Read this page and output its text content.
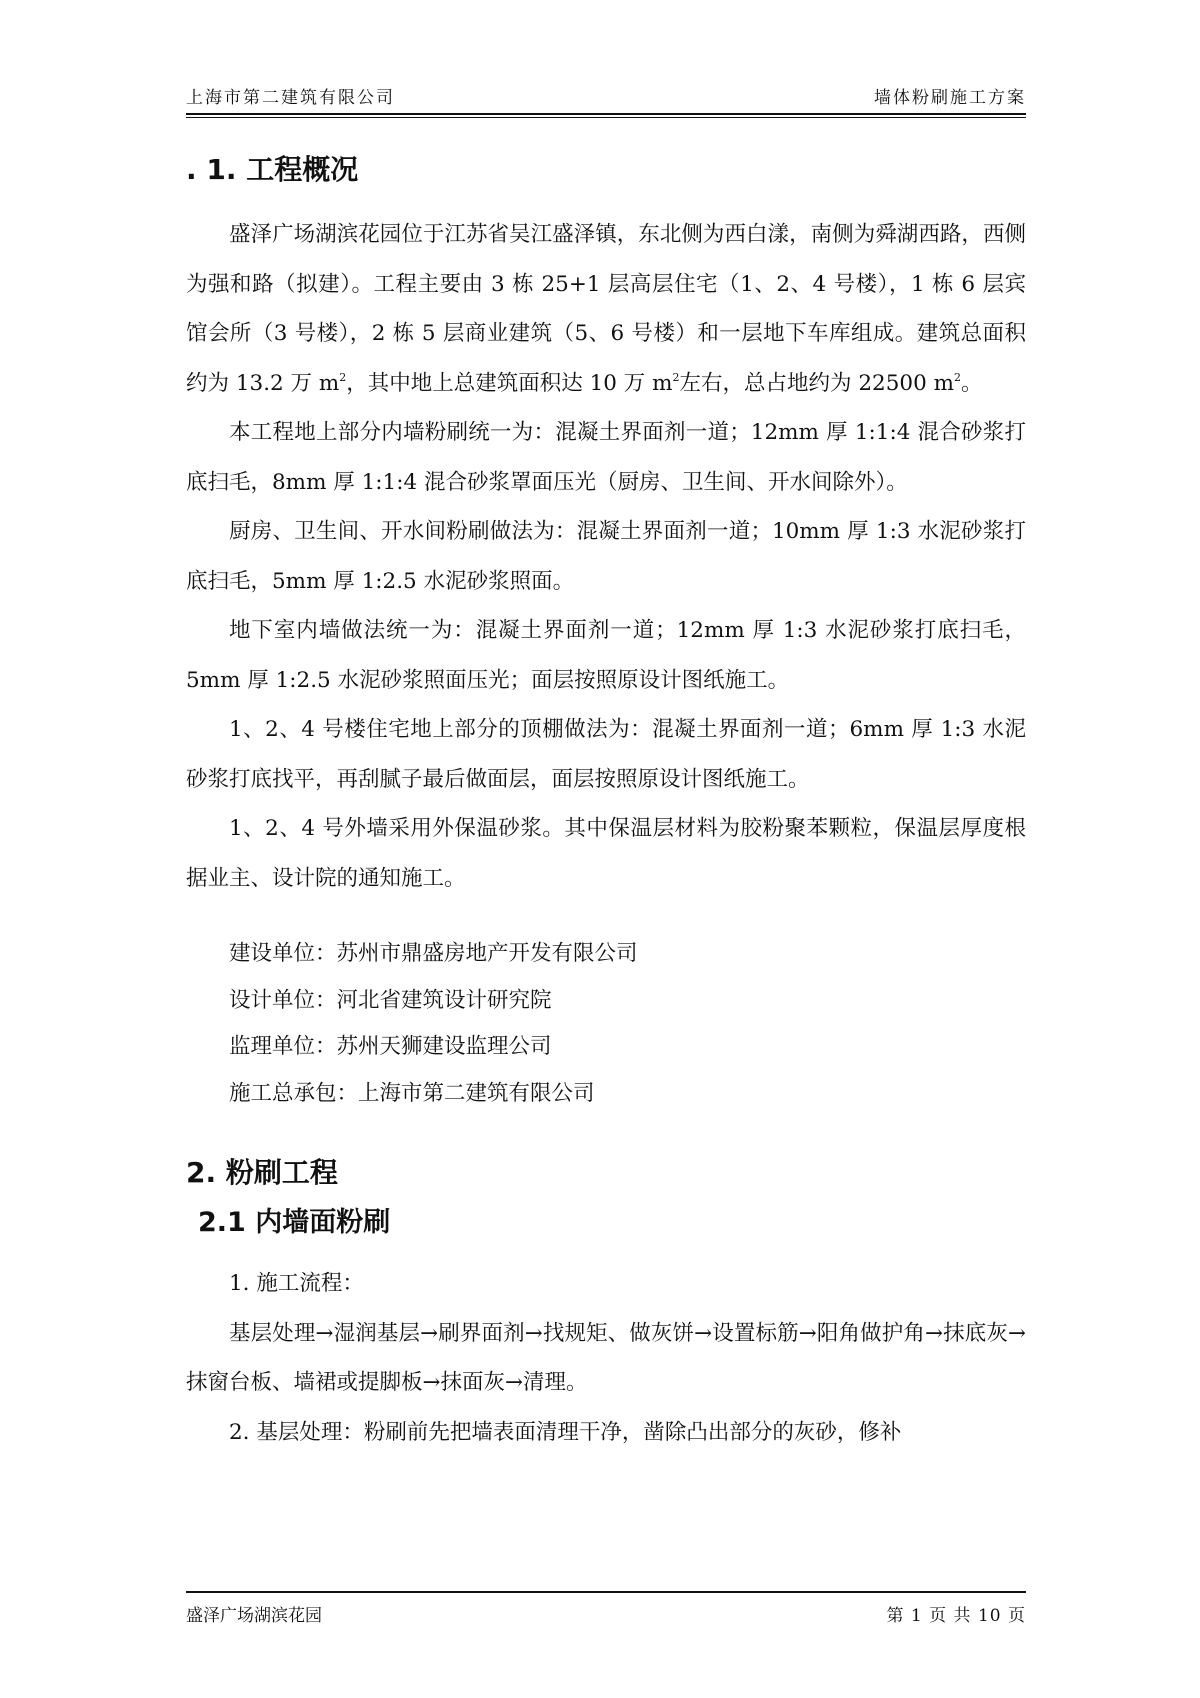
上海市第二建筑有限公司	墙体粉刷施工方案
. 1. 工程概况

盛泽广场湖滨花园位于江苏省吴江盛泽镇，东北侧为西白漾，南侧为舜湖西路，西侧为强和路（拟建）。工程主要由 3 栋 25+1 层高层住宅（1、2、4 号楼），1 栋 6 层宾馆会所（3 号楼），2 栋 5 层商业建筑（5、6 号楼）和一层地下车库组成。建筑总面积约为 13.2 万 $m^2$，其中地上总建筑面积达 10 万 $m^2$左右，总占地约为 22500 $m^2$。

本工程地上部分内墙粉刷统一为：混凝土界面剂一道；12mm 厚 1:1:4 混合砂浆打底扫毛，8mm 厚 1:1:4 混合砂浆罩面压光（厨房、卫生间、开水间除外）。

厨房、卫生间、开水间粉刷做法为：混凝土界面剂一道；10mm 厚 1:3 水泥砂浆打底扫毛，5mm 厚 1:2.5 水泥砂浆照面。

地下室内墙做法统一为：混凝土界面剂一道；12mm 厚 1:3 水泥砂浆打底扫毛，5mm 厚 1:2.5 水泥砂浆照面压光；面层按照原设计图纸施工。

1、2、4 号楼住宅地上部分的顶棚做法为：混凝土界面剂一道；6mm 厚 1:3 水泥砂浆打底找平，再刮腻子最后做面层，面层按照原设计图纸施工。

1、2、4 号外墙采用外保温砂浆。其中保温层材料为胶粉聚苯颗粒，保温层厚度根据业主、设计院的通知施工。

建设单位：苏州市鼎盛房地产开发有限公司

设计单位：河北省建筑设计研究院

监理单位：苏州天狮建设监理公司

施工总承包：上海市第二建筑有限公司

2. 粉刷工程
2.1 内墙面粉刷

1. 施工流程：

基层处理→湿润基层→刷界面剂→找规矩、做灰饼→设置标筋→阳角做护角→抹底灰→抹窗台板、墙裙或提脚板→抹面灰→清理。

2. 基层处理：粉刷前先把墙表面清理干净，凿除凸出部分的灰砂，修补

盛泽广场湖滨花园	第 1 页 共 10 页
